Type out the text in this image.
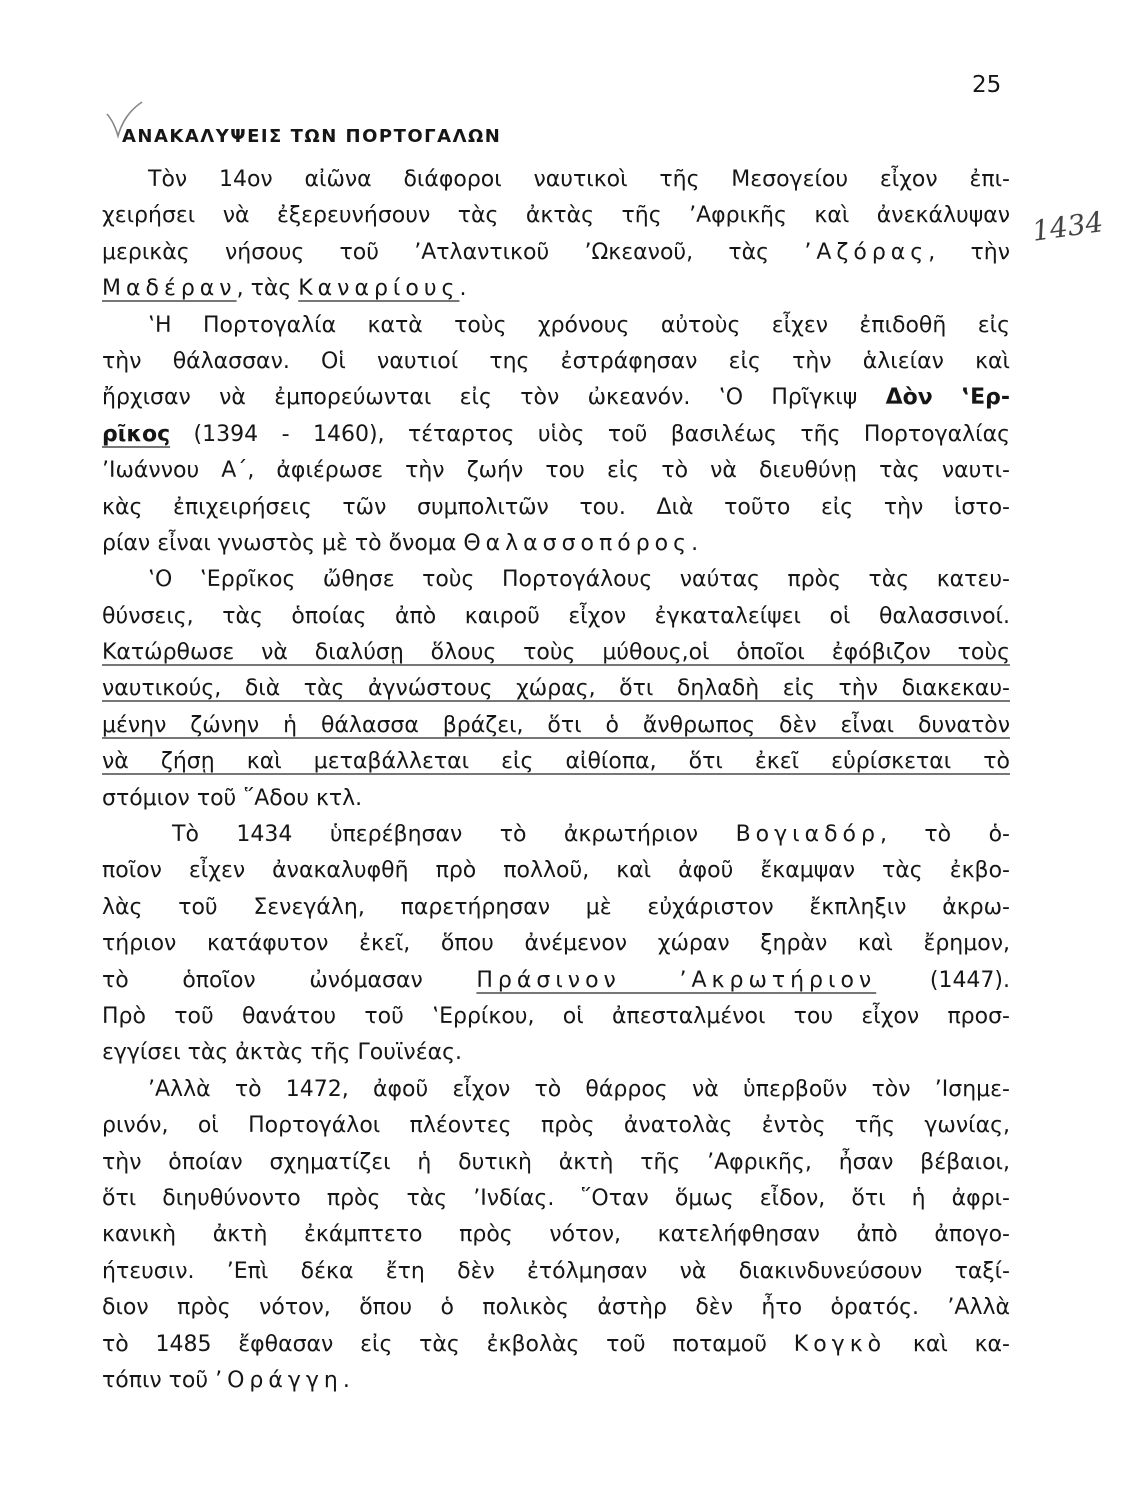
25
ΑΝΑΚΑΛΥΨΕΙΣ ΤΩΝ ΠΟΡΤΟΓΑΛΩΝ
1434
Τὸν 14ον αἰῶνα διάφοροι ναυτικοὶ τῆς Μεσογείου εἶχον ἐπι-
χειρήσει νὰ ἐξερευνήσουν τὰς ἀκτὰς τῆς ’Αφρικῆς καὶ ἀνεκάλυψαν
μερικὰς νήσους τοῦ ’Ατλαντικοῦ ’Ωκεανοῦ, τὰς ’Αζόρας, τὴν
Μαδέραν, τὰς Καναρίους.
‛Η Πορτογαλία κατὰ τοὺς χρόνους αὐτοὺς εἶχεν ἐπιδοθῆ εἰς
τὴν θάλασσαν. Οἱ ναυτιοί της ἐστράφησαν εἰς τὴν ἁλιείαν καὶ
ἤρχισαν νὰ ἐμπορεύωνται εἰς τὸν ὠκεανόν. ‛Ο Πρῖγκιψ Δὸν ‛Ερ-
ρῖκος (1394 - 1460), τέταρτος υἱὸς τοῦ βασιλέως τῆς Πορτογαλίας
’Ιωάννου Α΄, ἀφιέρωσε τὴν ζωήν του εἰς τὸ νὰ διευθύνῃ τὰς ναυτι-
κὰς ἐπιχειρήσεις τῶν συμπολιτῶν του. Διὰ τοῦτο εἰς τὴν ἱστο-
ρίαν εἶναι γνωστὸς μὲ τὸ ὄνομα Θαλασσοπόρος.
‛Ο ‛Ερρῖκος ὤθησε τοὺς Πορτογάλους ναύτας πρὸς τὰς κατευ-
θύνσεις, τὰς ὁποίας ἀπὸ καιροῦ εἶχον ἐγκαταλείψει οἱ θαλασσινοί.
Κατώρθωσε νὰ διαλύσῃ ὅλους τοὺς μύθους,οἱ ὁποῖοι ἐφόβιζον τοὺς
ναυτικούς, διὰ τὰς ἀγνώστους χώρας, ὅτι δηλαδὴ εἰς τὴν διακεκαυ-
μένην ζώνην ἡ θάλασσα βράζει, ὅτι ὁ ἄνθρωπος δὲν εἶναι δυνατὸν
νὰ ζήσῃ καὶ μεταβάλλεται εἰς αἰθίοπα, ὅτι ἐκεῖ εὑρίσκεται τὸ
στόμιον τοῦ ῞Αδου κτλ.
Τὸ 1434 ὑπερέβησαν τὸ ἀκρωτήριον Βογιαδόρ, τὸ ὁ-
ποῖον εἶχεν ἀνακαλυφθῆ πρὸ πολλοῦ, καὶ ἀφοῦ ἔκαμψαν τὰς ἐκβο-
λὰς τοῦ Σενεγάλη, παρετήρησαν μὲ εὐχάριστον ἔκπληξιν ἀκρω-
τήριον κατάφυτον ἐκεῖ, ὅπου ἀνέμενον χώραν ξηρὰν καὶ ἔρημον,
τὸ ὁποῖον ὠνόμασαν Πράσινον ’Ακρωτήριον (1447).
Πρὸ τοῦ θανάτου τοῦ ‛Ερρίκου, οἱ ἀπεσταλμένοι του εἶχον προσ-
εγγίσει τὰς ἀκτὰς τῆς Γουϊνέας.
’Αλλὰ τὸ 1472, ἀφοῦ εἶχον τὸ θάρρος νὰ ὑπερβοῦν τὸν ’Ισημε-
ρινόν, οἱ Πορτογάλοι πλέοντες πρὸς ἀνατολὰς ἐντὸς τῆς γωνίας,
τὴν ὁποίαν σχηματίζει ἡ δυτικὴ ἀκτὴ τῆς ’Αφρικῆς, ἦσαν βέβαιοι,
ὅτι διηυθύνοντο πρὸς τὰς ’Ινδίας. ῞Οταν ὅμως εἶδον, ὅτι ἡ ἀφρι-
κανικὴ ἀκτὴ ἐκάμπτετο πρὸς νότον, κατελήφθησαν ἀπὸ ἀπογο-
ήτευσιν. ’Επὶ δέκα ἔτη δὲν ἐτόλμησαν νὰ διακινδυνεύσουν ταξί-
διον πρὸς νότον, ὅπου ὁ πολικὸς ἀστὴρ δὲν ἦτο ὁρατός. ’Αλλὰ
τὸ 1485 ἔφθασαν εἰς τὰς ἐκβολὰς τοῦ ποταμοῦ Κογκὸ καὶ κα-
τόπιν τοῦ ’Οράγγη.
